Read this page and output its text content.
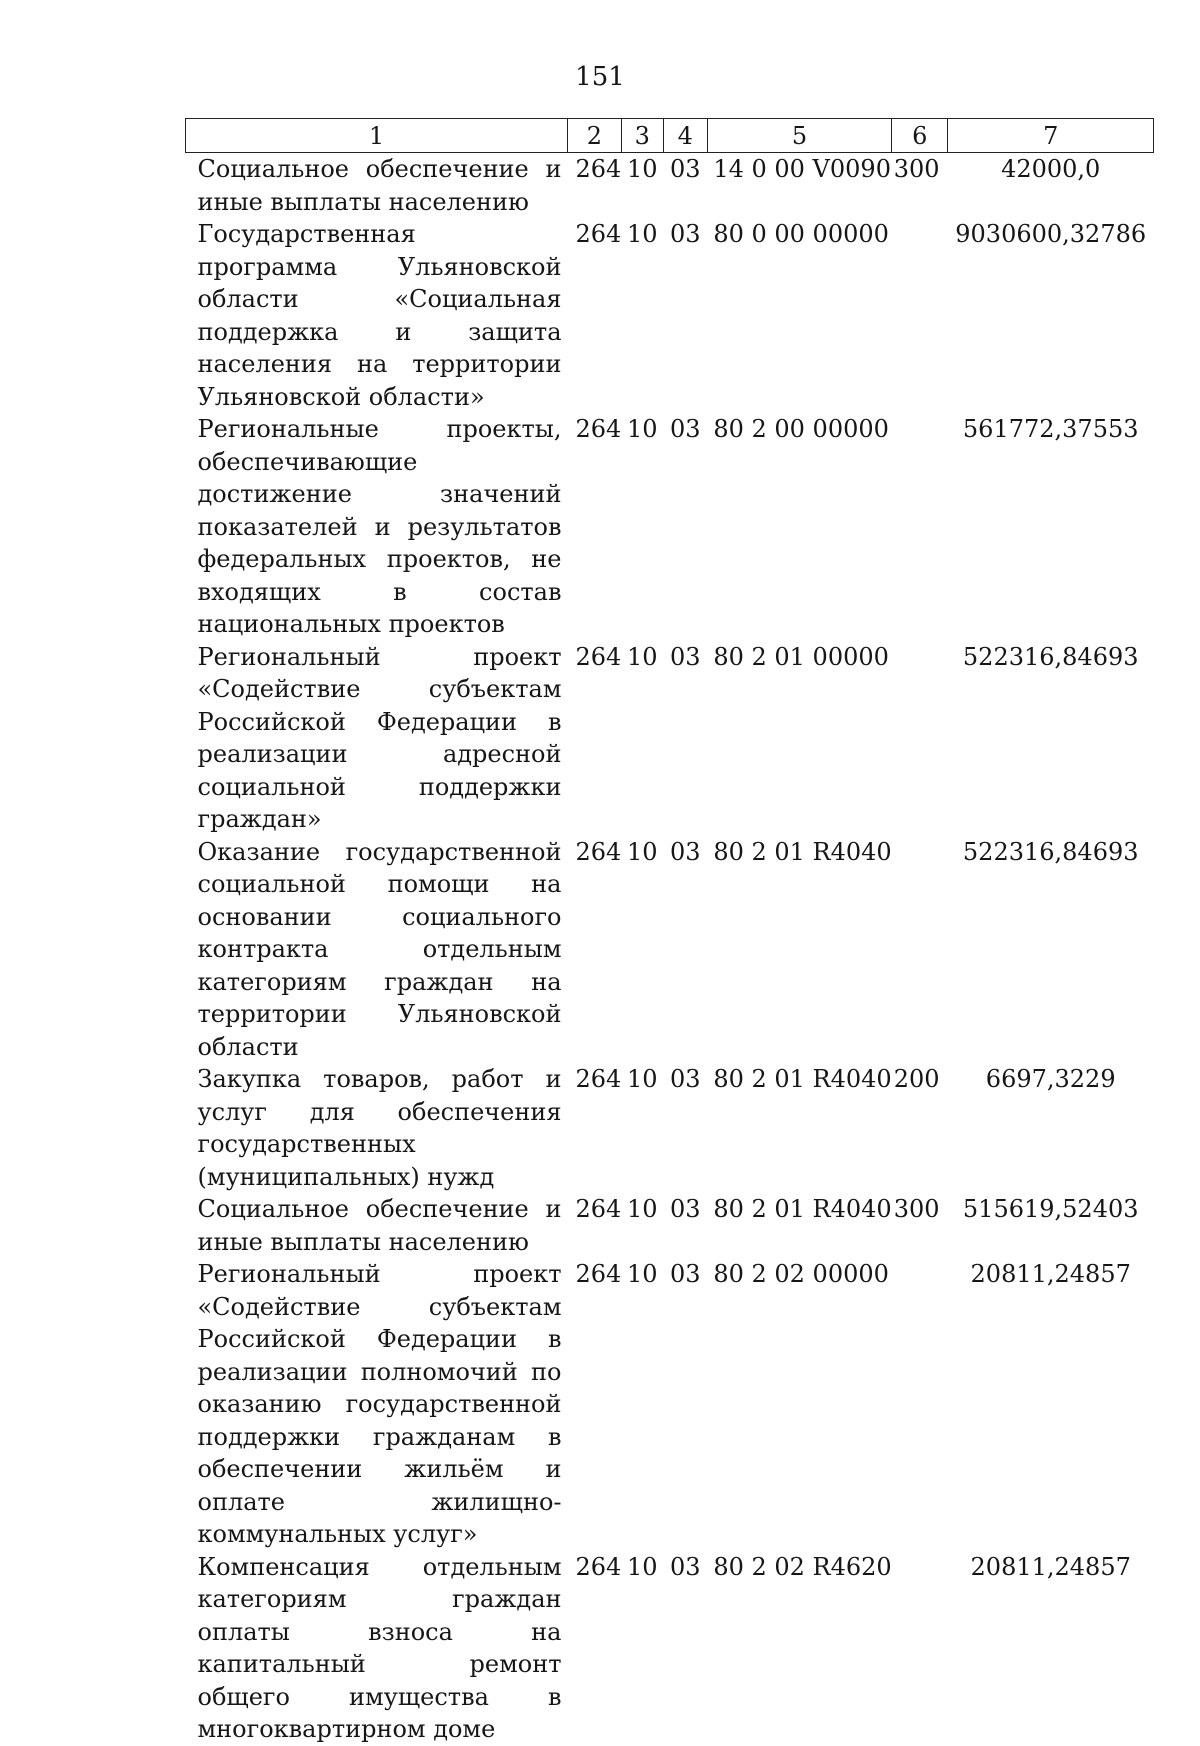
151
1	2	3	4	5	6	7
Социальное обеспечение и иные выплаты населению	264	10	03	14 0 00 V0090	300	42000,0
Государственная программа Ульяновской области «Социальная поддержка и защита населения на территории Ульяновской области»	264	10	03	80 0 00 00000		9030600,32786
Региональные проекты, обеспечивающие достижение значений показателей и результатов федеральных проектов, не входящих в состав национальных проектов	264	10	03	80 2 00 00000		561772,37553
Региональный проект «Содействие субъектам Российской Федерации в реализации адресной социальной поддержки граждан»	264	10	03	80 2 01 00000		522316,84693
Оказание государственной социальной помощи на основании социального контракта отдельным категориям граждан на территории Ульяновской области	264	10	03	80 2 01 R4040		522316,84693
Закупка товаров, работ и услуг для обеспечения государственных (муниципальных) нужд	264	10	03	80 2 01 R4040	200	6697,3229
Социальное обеспечение и иные выплаты населению	264	10	03	80 2 01 R4040	300	515619,52403
Региональный проект «Содействие субъектам Российской Федерации в реализации полномочий по оказанию государственной поддержки гражданам в обеспечении жильём и оплате жилищно-коммунальных услуг»	264	10	03	80 2 02 00000		20811,24857
Компенсация отдельным категориям граждан оплаты взноса на капитальный ремонт общего имущества в многоквартирном доме	264	10	03	80 2 02 R4620		20811,24857
